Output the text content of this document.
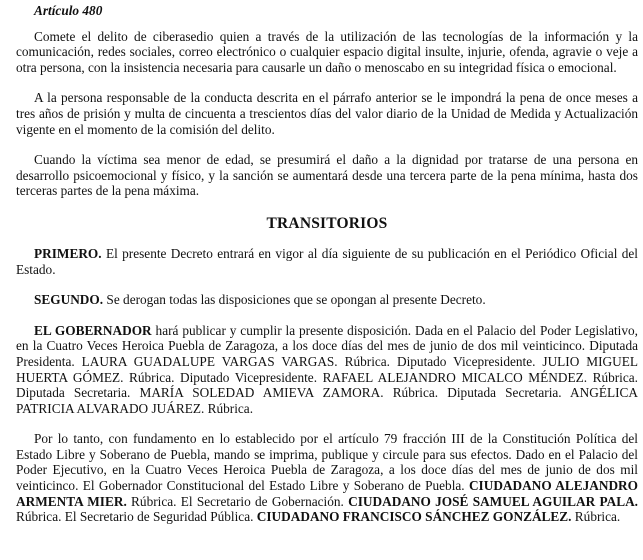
Artículo 480

Comete el delito de ciberasedio quien a través de la utilización de las tecnologías de la información y la comunicación, redes sociales, correo electrónico o cualquier espacio digital insulte, injurie, ofenda, agravie o veje a otra persona, con la insistencia necesaria para causarle un daño o menoscabo en su integridad física o emocional.

A la persona responsable de la conducta descrita en el párrafo anterior se le impondrá la pena de once meses a tres años de prisión y multa de cincuenta a trescientos días del valor diario de la Unidad de Medida y Actualización vigente en el momento de la comisión del delito.

Cuando la víctima sea menor de edad, se presumirá el daño a la dignidad por tratarse de una persona en desarrollo psicoemocional y físico, y la sanción se aumentará desde una tercera parte de la pena mínima, hasta dos terceras partes de la pena máxima.

TRANSITORIOS

PRIMERO. El presente Decreto entrará en vigor al día siguiente de su publicación en el Periódico Oficial del Estado.

SEGUNDO. Se derogan todas las disposiciones que se opongan al presente Decreto.

EL GOBERNADOR hará publicar y cumplir la presente disposición. Dada en el Palacio del Poder Legislativo, en la Cuatro Veces Heroica Puebla de Zaragoza, a los doce días del mes de junio de dos mil veinticinco. Diputada Presidenta. LAURA GUADALUPE VARGAS VARGAS. Rúbrica. Diputado Vicepresidente. JULIO MIGUEL HUERTA GÓMEZ. Rúbrica. Diputado Vicepresidente. RAFAEL ALEJANDRO MICALCO MÉNDEZ. Rúbrica. Diputada Secretaria. MARÍA SOLEDAD AMIEVA ZAMORA. Rúbrica. Diputada Secretaria. ANGÉLICA PATRICIA ALVARADO JUÁREZ. Rúbrica.

Por lo tanto, con fundamento en lo establecido por el artículo 79 fracción III de la Constitución Política del Estado Libre y Soberano de Puebla, mando se imprima, publique y circule para sus efectos. Dado en el Palacio del Poder Ejecutivo, en la Cuatro Veces Heroica Puebla de Zaragoza, a los doce días del mes de junio de dos mil veinticinco. El Gobernador Constitucional del Estado Libre y Soberano de Puebla. CIUDADANO ALEJANDRO ARMENTA MIER. Rúbrica. El Secretario de Gobernación. CIUDADANO JOSÉ SAMUEL AGUILAR PALA. Rúbrica. El Secretario de Seguridad Pública. CIUDADANO FRANCISCO SÁNCHEZ GONZÁLEZ. Rúbrica.
